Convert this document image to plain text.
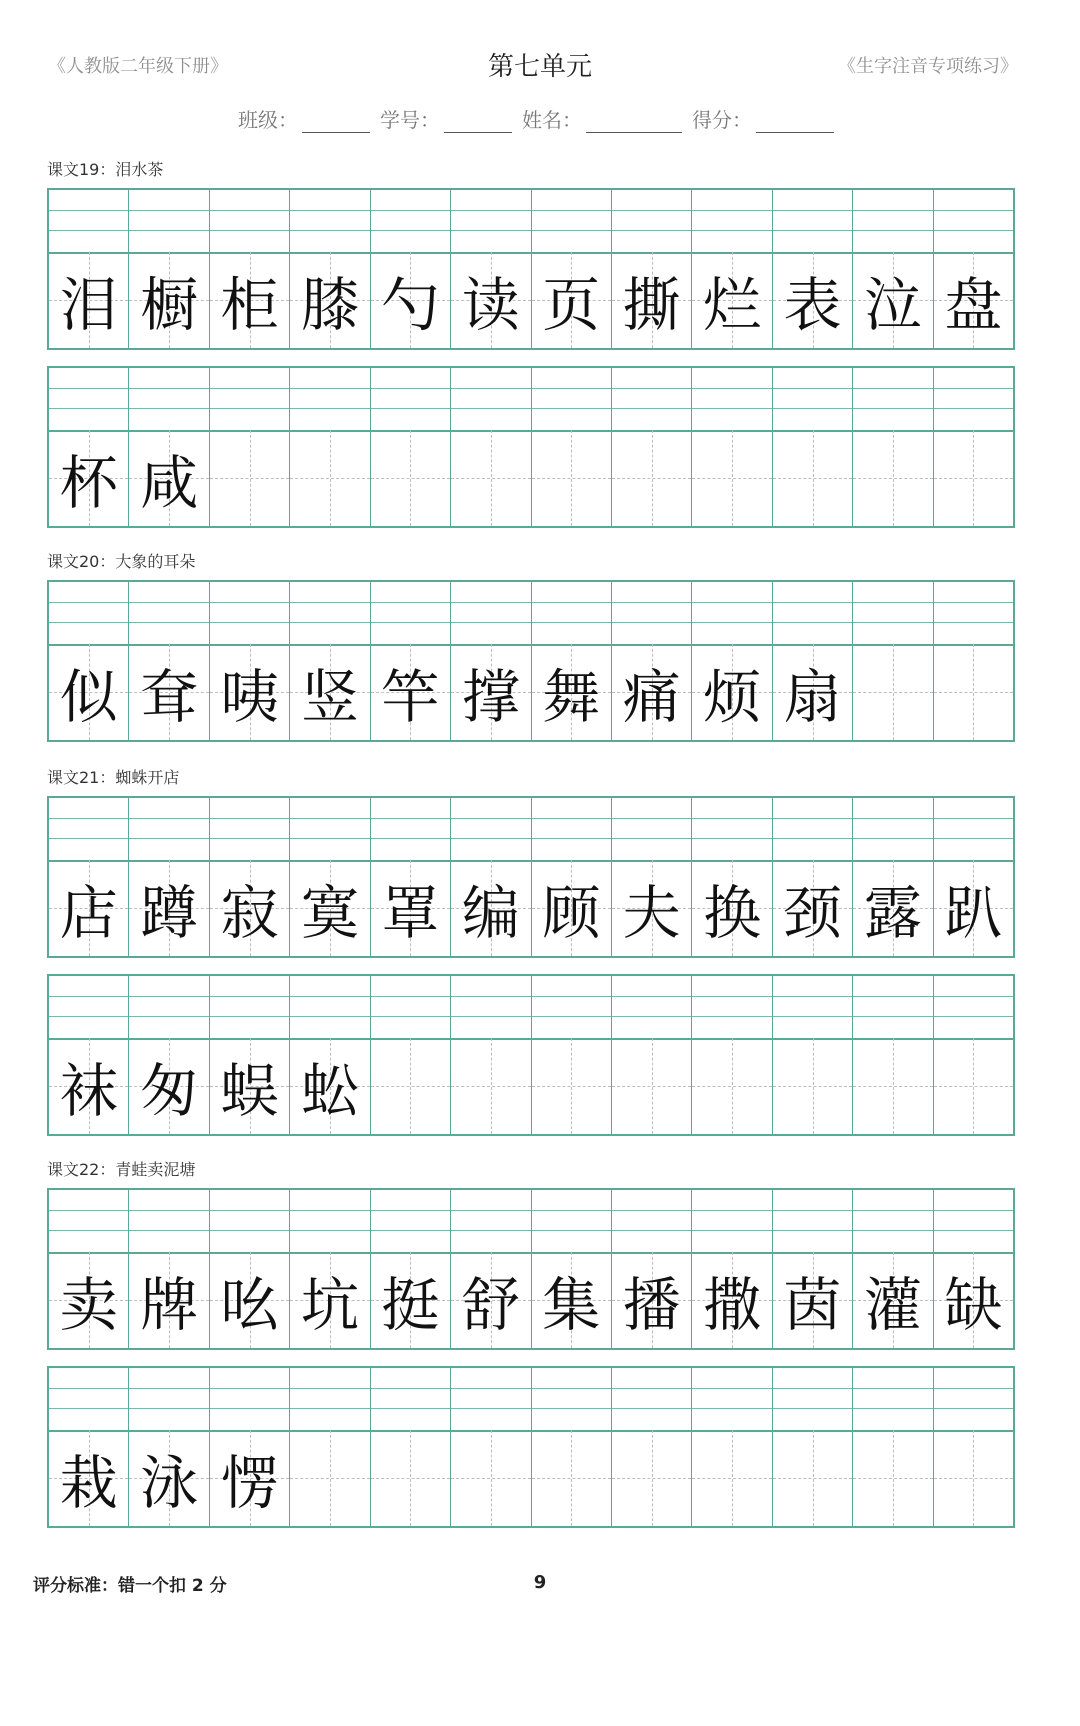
《人教版二年级下册》	第七单元	《生字注音专项练习》
班级：	学号：	姓名：	得分：
课文19：泪水茶
泪 橱 柜 膝 勺 读 页 撕 烂 表 泣 盘
杯 咸
课文20：大象的耳朵
似 耷 咦 竖 竿 撑 舞 痛 烦 扇
课文21：蜘蛛开店
店 蹲 寂 寞 罩 编 顾 夫 换 颈 露 趴
袜 匆 蜈 蚣
课文22：青蛙卖泥塘
卖 牌 吆 坑 挺 舒 集 播 撒 茵 灌 缺
栽 泳 愣
评分标准：错一个扣 2 分	9
